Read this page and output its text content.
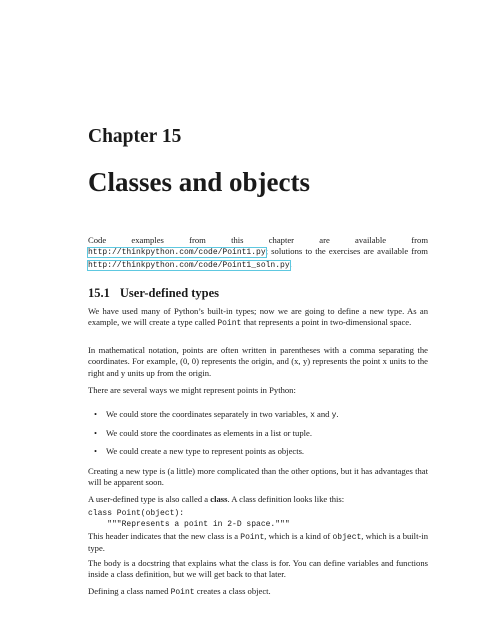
Chapter 15
Classes and objects

Code examples from this chapter are available from http://thinkpython.com/code/Point1.py; solutions to the exercises are available from http://thinkpython.com/code/Point1_soln.py.

15.1 User-defined types

We have used many of Python’s built-in types; now we are going to define a new type. As an example, we will create a type called Point that represents a point in two-dimensional space.

In mathematical notation, points are often written in parentheses with a comma separating the coordinates. For example, (0, 0) represents the origin, and (x, y) represents the point x units to the right and y units up from the origin.

There are several ways we might represent points in Python:

• We could store the coordinates separately in two variables, x and y.
• We could store the coordinates as elements in a list or tuple.
• We could create a new type to represent points as objects.

Creating a new type is (a little) more complicated than the other options, but it has advantages that will be apparent soon.

A user-defined type is also called a class. A class definition looks like this:

class Point(object):
"""Represents a point in 2-D space."""

This header indicates that the new class is a Point, which is a kind of object, which is a built-in type.

The body is a docstring that explains what the class is for. You can define variables and functions inside a class definition, but we will get back to that later.

Defining a class named Point creates a class object.
